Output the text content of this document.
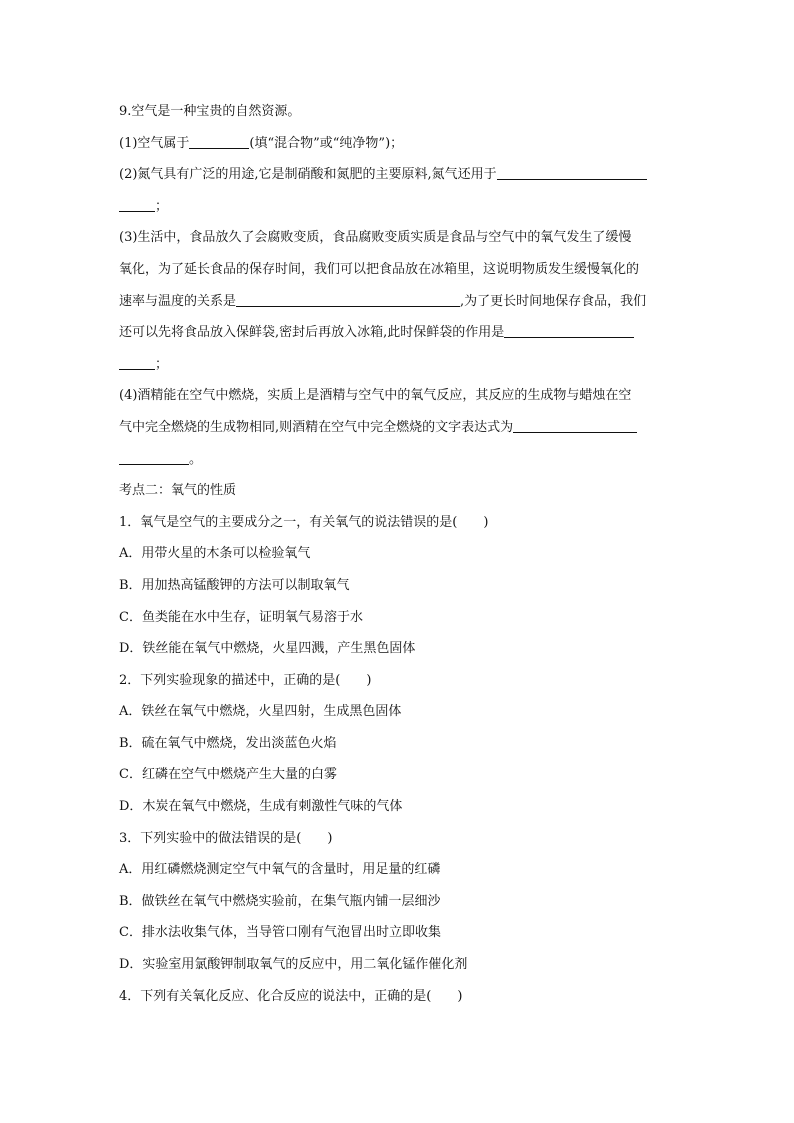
9.空气是一种宝贵的自然资源。
(1)空气属于	(填“混合物”或“纯净物”)；
(2)氮气具有广泛的用途,它是制硝酸和氮肥的主要原料,氮气还用于
；
(3)生活中，食品放久了会腐败变质，食品腐败变质实质是食品与空气中的氧气发生了缓慢
氧化，为了延长食品的保存时间，我们可以把食品放在冰箱里，这说明物质发生缓慢氧化的
速率与温度的关系是	,为了更长时间地保存食品，我们
还可以先将食品放入保鲜袋,密封后再放入冰箱,此时保鲜袋的作用是
；
(4)酒精能在空气中燃烧，实质上是酒精与空气中的氧气反应，其反应的生成物与蜡烛在空
气中完全燃烧的生成物相同,则酒精在空气中完全燃烧的文字表达式为
。
考点二：氧气的性质
1．氧气是空气的主要成分之一，有关氧气的说法错误的是(　　)
A．用带火星的木条可以检验氧气
B．用加热高锰酸钾的方法可以制取氧气
C．鱼类能在水中生存，证明氧气易溶于水
D．铁丝能在氧气中燃烧，火星四溅，产生黑色固体
2．下列实验现象的描述中，正确的是(　　)
A．铁丝在氧气中燃烧，火星四射，生成黑色固体
B．硫在氧气中燃烧，发出淡蓝色火焰
C．红磷在空气中燃烧产生大量的白雾
D．木炭在氧气中燃烧，生成有刺激性气味的气体
3．下列实验中的做法错误的是(　　)
A．用红磷燃烧测定空气中氧气的含量时，用足量的红磷
B．做铁丝在氧气中燃烧实验前，在集气瓶内铺一层细沙
C．排水法收集气体，当导管口刚有气泡冒出时立即收集
D．实验室用氯酸钾制取氧气的反应中，用二氧化锰作催化剂
4．下列有关氧化反应、化合反应的说法中，正确的是(　　)
